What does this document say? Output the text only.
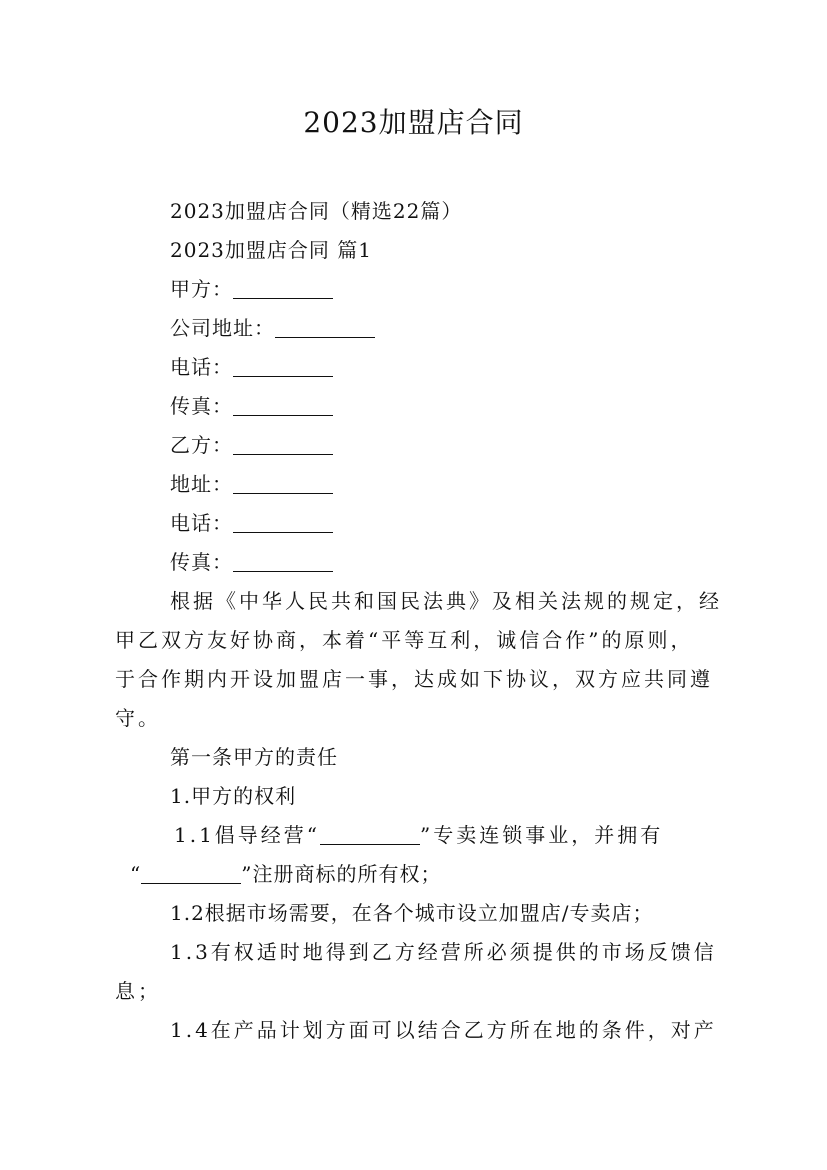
2023加盟店合同
2023加盟店合同（精选22篇）
2023加盟店合同 篇1
甲方：
公司地址：
电话：
传真：
乙方：
地址：
电话：
传真：
根据《中华人民共和国民法典》及相关法规的规定，经
甲乙双方友好协商，本着“平等互利，诚信合作”的原则，
于合作期内开设加盟店一事，达成如下协议，双方应共同遵
守。
第一条甲方的责任
1.甲方的权利
1.1倡导经营“	”专卖连锁事业，并拥有
“	”注册商标的所有权；
1.2根据市场需要，在各个城市设立加盟店/专卖店；
1.3有权适时地得到乙方经营所必须提供的市场反馈信
息；
1.4在产品计划方面可以结合乙方所在地的条件，对产
